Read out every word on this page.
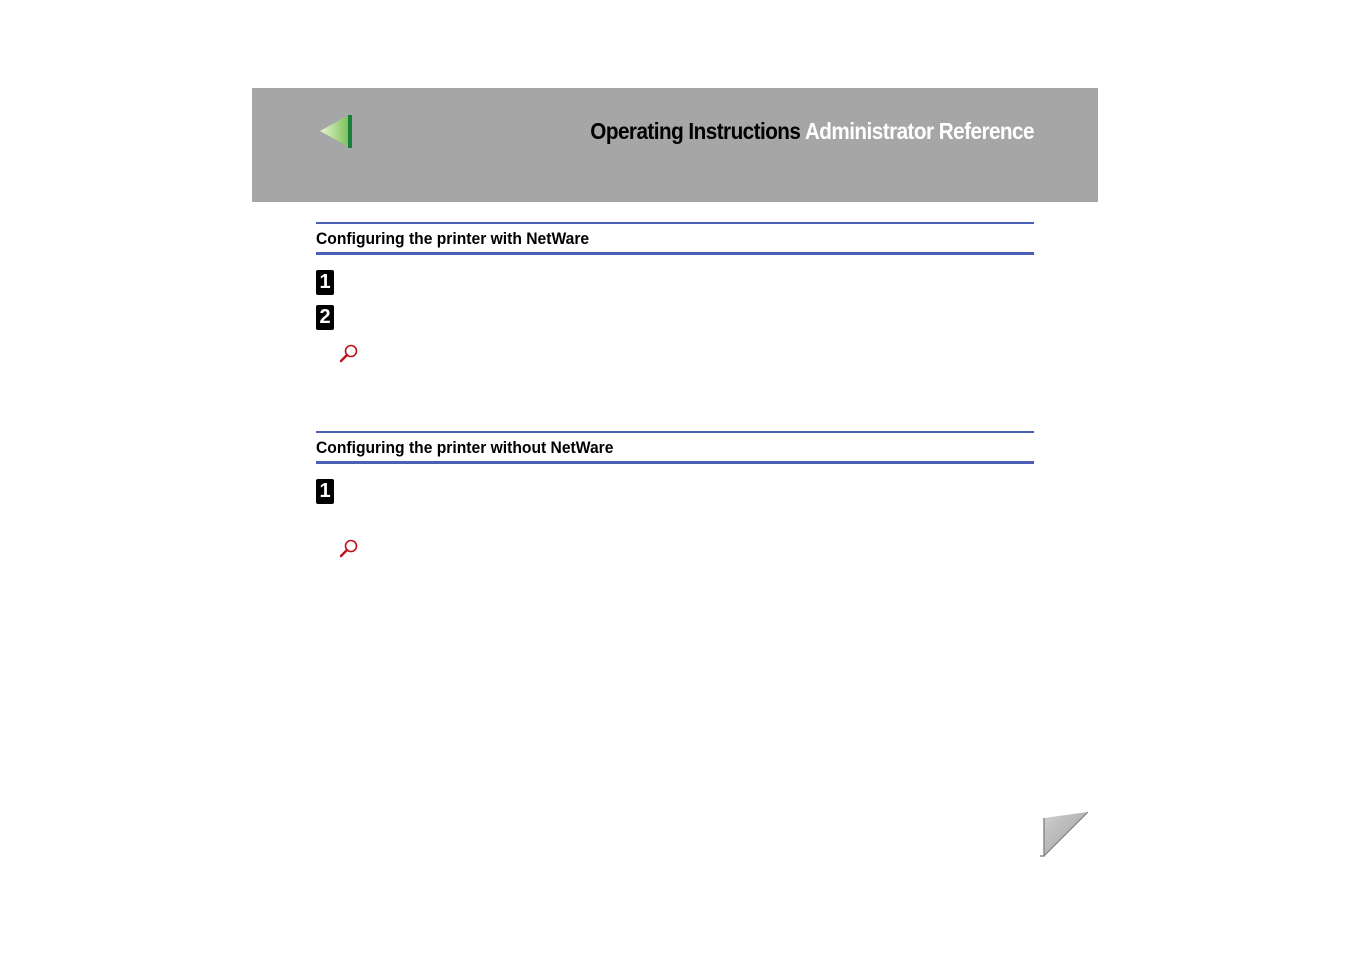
Operating Instructions Administrator Reference
Configuring the printer with NetWare
1
2
Configuring the printer without NetWare
1
